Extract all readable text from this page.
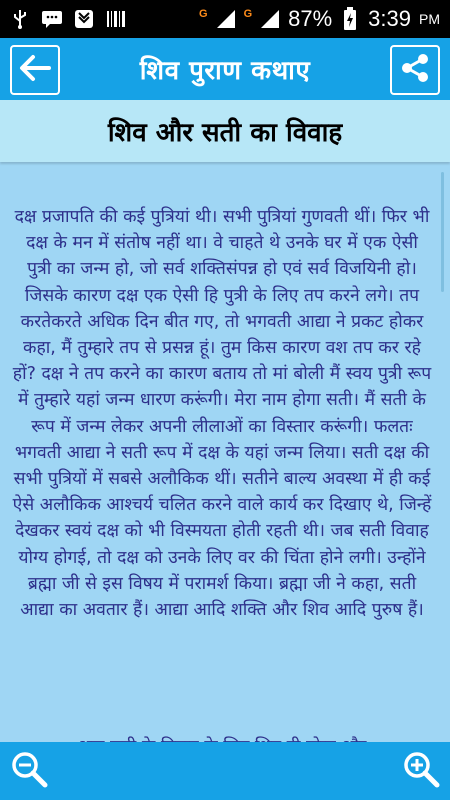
G	G 87% 3:39 PM
शिव पुराण कथाए
शिव और सती का विवाह

दक्ष प्रजापति की कई पुत्रियां थी। सभी पुत्रियां गुणवती थीं। फिर भी दक्ष के मन में संतोष नहीं था। वे चाहते थे उनके घर में एक ऐसी पुत्री का जन्म हो, जो सर्व शक्तिसंपन्न हो एवं सर्व विजयिनी हो। जिसके कारण दक्ष एक ऐसी हि पुत्री के लिए तप करने लगे। तप करतेकरते अधिक दिन बीत गए, तो भगवती आद्या ने प्रकट होकर कहा, मैं तुम्हारे तप से प्रसन्न हूं। तुम किस कारण वश तप कर रहे हों? दक्ष ने तप करने का कारण बताय तो मां बोली मैं स्वय पुत्री रूप में तुम्हारे यहां जन्म धारण करूंगी। मेरा नाम होगा सती। मैं सती के रूप में जन्म लेकर अपनी लीलाओं का विस्तार करूंगी। फलतः भगवती आद्या ने सती रूप में दक्ष के यहां जन्म लिया। सती दक्ष की सभी पुत्रियों में सबसे अलौकिक थीं। सतीने बाल्य अवस्था में ही कई ऐसे अलौकिक आश्चर्य चलित करने वाले कार्य कर दिखाए थे, जिन्हें देखकर स्वयं दक्ष को भी विस्मयता होती रहती थी। जब सती विवाह योग्य होगई, तो दक्ष को उनके लिए वर की चिंता होने लगी। उन्होंने ब्रह्मा जी से इस विषय में परामर्श किया। ब्रह्मा जी ने कहा, सती आद्या का अवतार हैं। आद्या आदि शक्ति और शिव आदि पुरुष हैं।
